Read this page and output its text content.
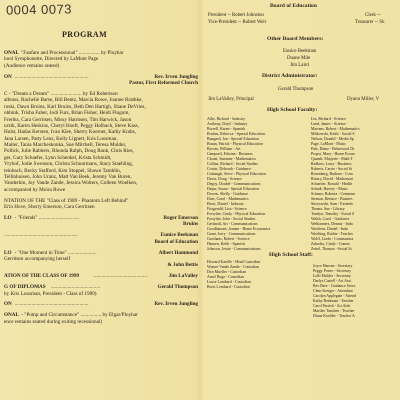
0004 0073
PROGRAM
ONAL "Fanfare and Processional" ................ by Ployhar
hool Symphonette, Directed by LaMont Page
(Audience remains seated)
ON .........................................................	Rev. Irven Jungling
Pastor, First Reformed Church
C - "Dream a Dream" ........................ by Ed Robertson
albrass, Rachelle Barse, Bill Bentz, Marcia Rowe, Joanne Brathke,
roski, Dawn Bruins, Karl Bruins, Beth Den Hartigh, Shane DeVries,
obbink, Trisha Faber, Jodi Furs, Brian Fisher, Heidi Flugum,
Freriks, Cara Gerritsen, Missy Harmsen, Tim Harwick, Jason
urzik, Karen Heskins, Cheryl Hoeft, Peggy Holbach, Steve Kass,
Hulst, Hadas Kersten, Ivan Klee, Sherry Koerner, Kathy Krabs,
Jana Larsen, Patty Lenz, Kelly Lippert, Kris Loosman,
Maiter, Tania Marcheskonka, Sue Mitchell, Teresa Mulder,
Pollick, Julie Rabbers, Rhonda Ralph, Doug Rank, Chris Ries,
ger, Gary Schaefer, Lynn Schenkel, Krista Schmidt,
Vryhof, Jodie Swenson, Christa Schuurmans, Stacy Staehling,
teinbach, Becky Stafford, Kim Stoppel, Shawn Tamblin,
Tellinhuisen, John Uranz, Matt Van Beek, Jeremy Van Buren,
Vanderkin, Joy Vande Zande, Jessica Wolters, Colleen Woelken,
accompanied by Moira Rowe
NTATION OF THE "Class of 1989 - Phantom Left Behind"
Erin Hove, Sherry Emerson, Cara Gerritsen
LO - "Friends" ...............................	Roger Emerson
Bruins
.........................................................	Eunice Beekman
Board of Education
LO - "One Moment in Time" ......................	Albert Hammond
Gerritsen accompanying herself
& John Bettis
ATION OF THE CLASS OF 1999	.........................................	Jim LaValley
G OF DIPLOMAS ......................................	Gerald Thompson
by Kris Loosman, President - Class of 1989)
ON .........................................................	Rev. Irven Jungling
ONAL - "Pomp and Circumstance" ................ by Elgar/Ployhar
ence remains seated during exiting recessional)
Board of Education
President -- Robert Johnston
Vice-President -- Robert Weir
Clerk --
Treasurer -- Sh
Other Board Members:
Eunice Beekman
Duane Mile
Jim Laird
District Administrator:
Gerald Thompson
Jim LaValley, Principal	Dyann Miller, V
High School Faculty:
Alliv, Richard - Industry
Anthony, Daryl - Industry
Borrell, Karen - Spanish
Bruhns, Rebecca - Special Education
Bungard, Jon - Special Education
Braun, Patrick - Physical Education
Byrom, William - Art
Campseil, Edwina - Business
Clouet, Suzanne - Mathematics
Collins, Richard - Social Studies
Cowin, Deborah - Guidance
Crabaugh, Steve - Physical Education
Davis, Doug - Science
Degoy, Doubel - Communications
Depar, Susan - Special Education
Downs, Shelly - Guidance
Duer, Carol - Mathematics
Ehert, Daniel - Industry
Fitzgerald, Lisa - Science
Forsythe, Cindy - Physical Education
Forsythe, John - Social Studies
Gerhardt, Art - Communications
Goodhausen, Joanne - Home Economics
Grant, Jerry - Communications
Groshans, Robert - Science
Hansen, Keith - Spanish
Johnson, Jessie - Communications
Lin, Richard - Science
Lund, James - Science
Martens, Robert - Mathematics
Milkowski, Keith - Social S
Nelson, Donald - Media Sp
Page, LaMont - Music
Palz, Diane - Behavioral Di
Propst, Mary - Home Econo
Quandt, Marjorie - Math T
Radkow, Larry - Business
Roberts, Carrie - Social St
Rosenberg, Barbara - Com
Rotary, David - Mathemati
Schueiter, Ronald - Health
Schadt, Harvey - Music
Schnarr, Roberta - Commun
Siemon, Bernice - Busines
Strorowski, Sam - Extende
Thoma, Sue - Library
Tomlyn, Timothy - Social S
Walsh, Carol - Guidance
Welbanners, Dennis - Indu
Woeltern, Daniel - Indu
Woelting, Ruthie - Teacher
Wolff, Linda - Communica
Zahrobo, Cindy - Comm
Zettel, Thomas - Social St
High School Staff:
Howard Karelle - Head Custodian
Wymer Vande Zande - Custodian
Don Mueller - Custodian
Arnel Boge - Custodian
Louse Lombard - Custodian
Boris Lombard - Custodian
Joyce Hansen - Secretary
Peggy Porter - Secretary
Lolli Mulder - Secretary
Darlys Castell - Art Assi
Bev Bere - Guidance Secre
Clem Kreiger - Attendant
Carolyn Applegate - Attend
Kathy Beekman - Teacher
Carol Parrish - Art Aide
Marilee Tanchen - Teacher
Diane Koehler - Teacher A
